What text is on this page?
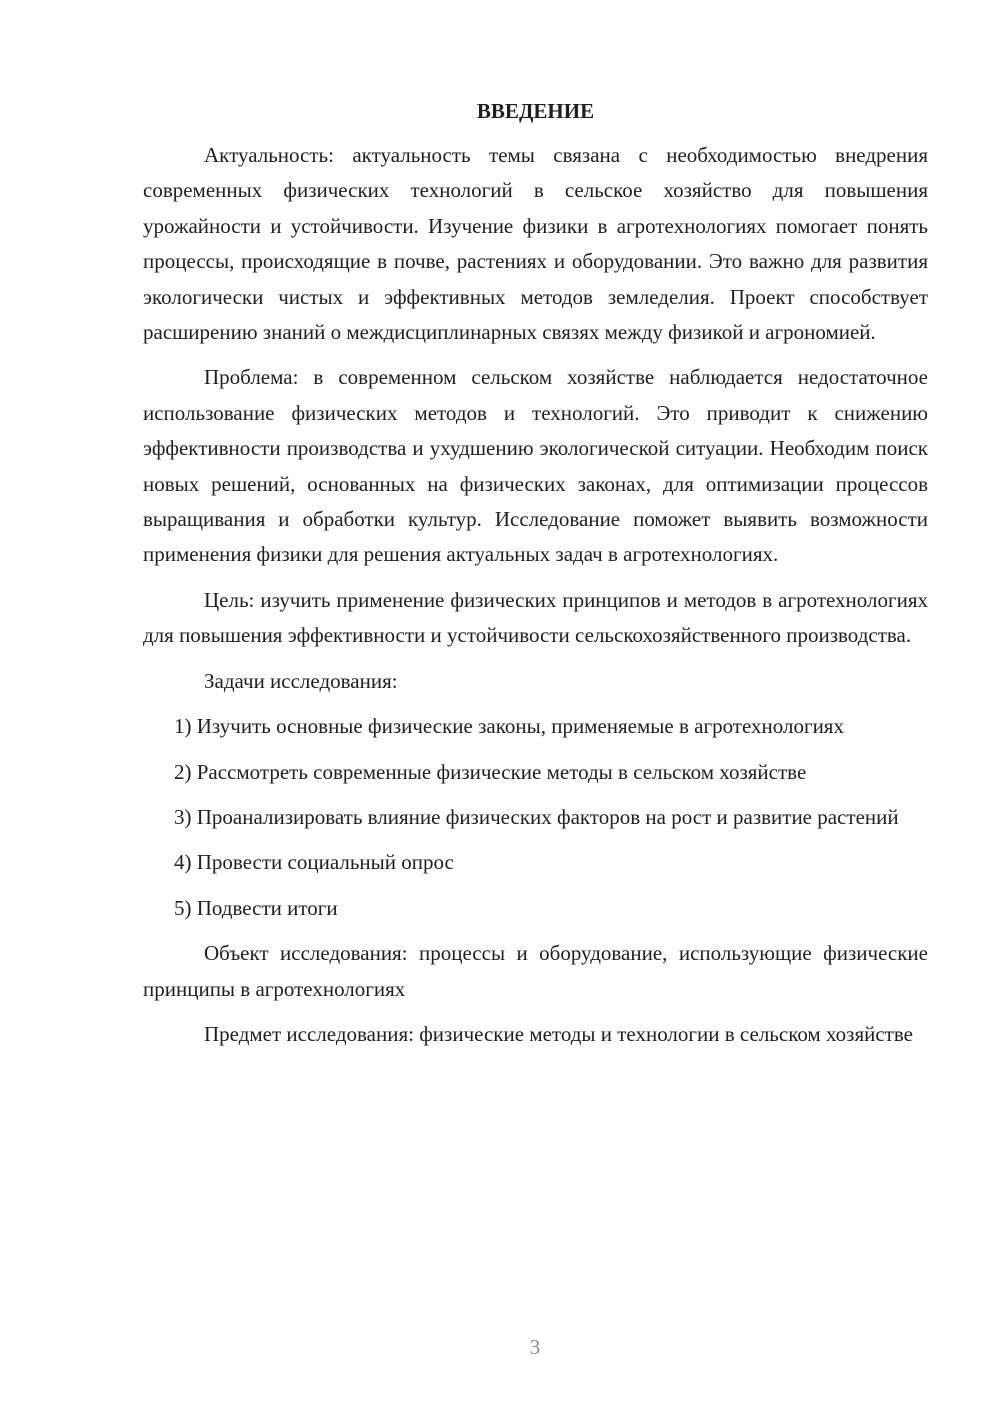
ВВЕДЕНИЕ

Актуальность: актуальность темы связана с необходимостью внедрения современных физических технологий в сельское хозяйство для повышения урожайности и устойчивости. Изучение физики в агротехнологиях помогает понять процессы, происходящие в почве, растениях и оборудовании. Это важно для развития экологически чистых и эффективных методов земледелия. Проект способствует расширению знаний о междисциплинарных связях между физикой и агрономией.

Проблема: в современном сельском хозяйстве наблюдается недостаточное использование физических методов и технологий. Это приводит к снижению эффективности производства и ухудшению экологической ситуации. Необходим поиск новых решений, основанных на физических законах, для оптимизации процессов выращивания и обработки культур. Исследование поможет выявить возможности применения физики для решения актуальных задач в агротехнологиях.

Цель: изучить применение физических принципов и методов в агротехнологиях для повышения эффективности и устойчивости сельскохозяйственного производства.

Задачи исследования:

1) Изучить основные физические законы, применяемые в агротехнологиях

2) Рассмотреть современные физические методы в сельском хозяйстве

3) Проанализировать влияние физических факторов на рост и развитие растений

4) Провести социальный опрос

5) Подвести итоги

Объект исследования: процессы и оборудование, использующие физические принципы в агротехнологиях

Предмет исследования: физические методы и технологии в сельском хозяйстве

3
